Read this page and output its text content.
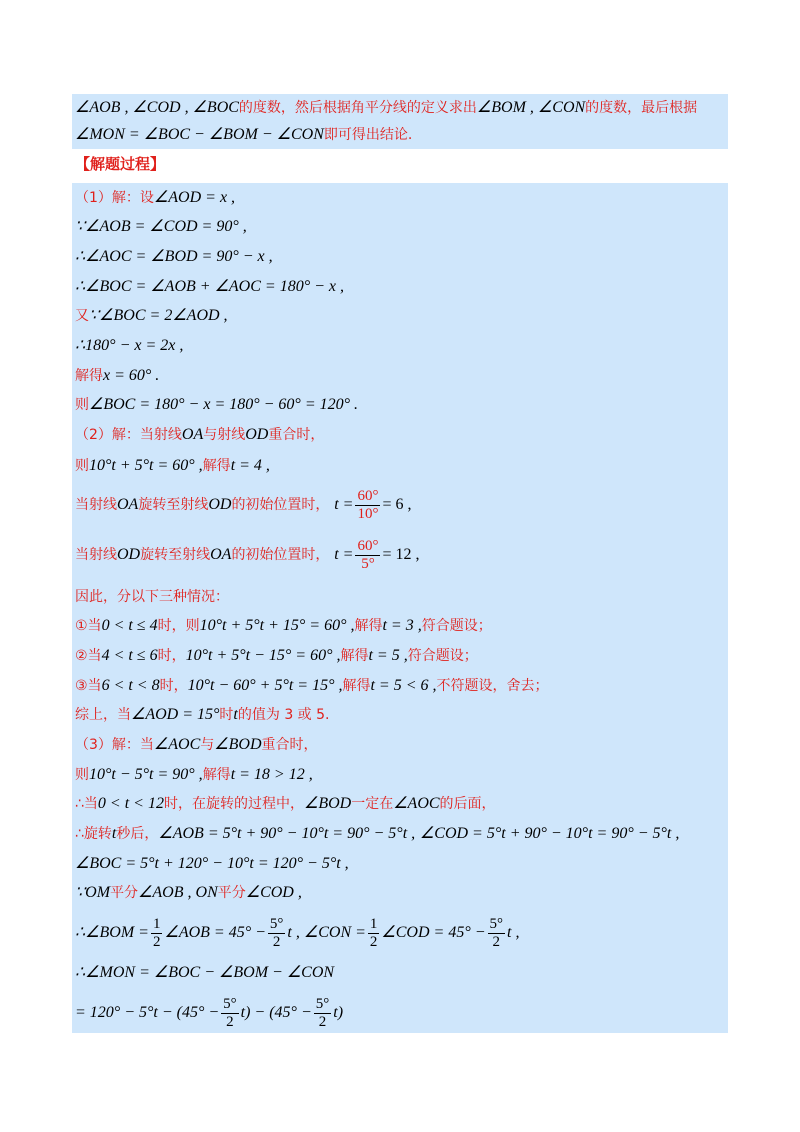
∠AOB , ∠COD , ∠BOC的度数，然后根据角平分线的定义求出∠BOM , ∠CON的度数，最后根据
∠MON = ∠BOC − ∠BOM − ∠CON即可得出结论.
【解题过程】
（1）解：设∠AOD = x ,
∵∠AOB = ∠COD = 90° ,
∴∠AOC = ∠BOD = 90° − x ,
∴∠BOC = ∠AOB + ∠AOC = 180° − x ,
又∵∠BOC = 2∠AOD ,
∴180° − x = 2x ,
解得x = 60° .
则∠BOC = 180° − x = 180° − 60° = 120° .
（2）解：当射线OA与射线OD重合时，
则10°t + 5°t = 60° ,解得t = 4 ,
当射线OA旋转至射线OD的初始位置时， $t = \frac{60^\circ}{10^\circ} = 6$ ,
当射线OD旋转至射线OA的初始位置时， $t = \frac{60^\circ}{5^\circ} = 12$ ,
因此，分以下三种情况：
①当0 < t ≤ 4时，则10°t + 5°t + 15° = 60° ,解得t = 3 ,符合题设；
②当4 < t ≤ 6时，10°t + 5°t − 15° = 60° ,解得t = 5 ,符合题设；
③当6 < t < 8时，10°t − 60° + 5°t = 15° ,解得t = 5 < 6 ,不符题设，舍去；
综上，当∠AOD = 15°时t的值为 3 或 5.
（3）解：当∠AOC与∠BOD重合时，
则10°t − 5°t = 90° ,解得t = 18 > 12 ,
∴当0 < t < 12时，在旋转的过程中，∠BOD一定在∠AOC的后面，
∴旋转t秒后，∠AOB = 5°t + 90° − 10°t = 90° − 5°t , ∠COD = 5°t + 90° − 10°t = 90° − 5°t ,
∠BOC = 5°t + 120° − 10°t = 120° − 5°t ,
∵OM平分∠AOB , ON平分∠COD ,
∴∠BOM = $\frac{1}{2}$ ∠AOB = $45^\circ - \frac{5^\circ}{2}$ t , ∠CON = $\frac{1}{2}$ ∠COD = $45^\circ - \frac{5^\circ}{2}$ t ,
∴∠MON = ∠BOC − ∠BOM − ∠CON
= $120^\circ - 5^\circ t - (45^\circ - \frac{5^\circ}{2} t) - (45^\circ - \frac{5^\circ}{2} t)$
